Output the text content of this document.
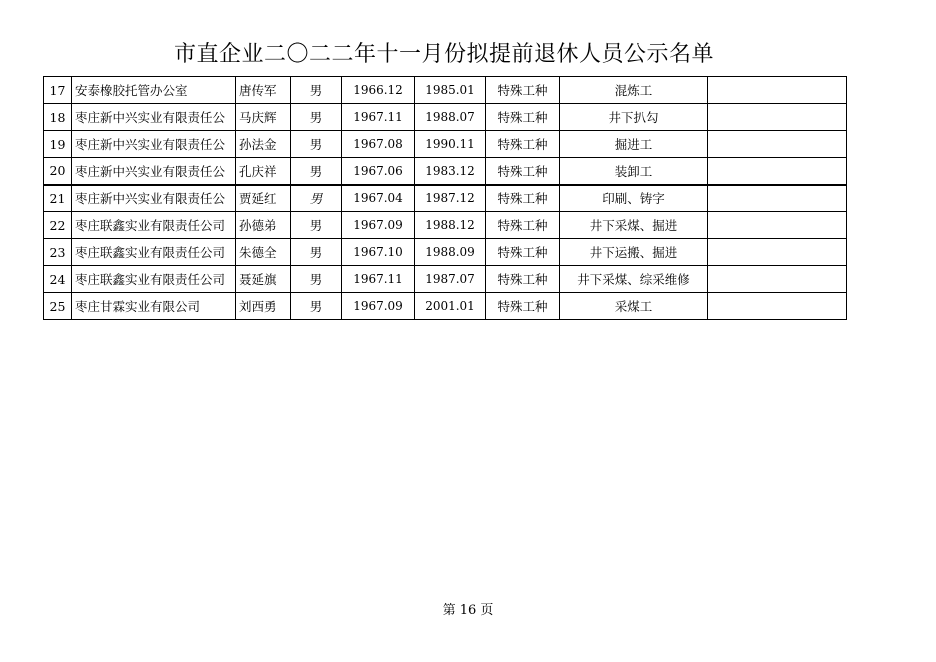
市直企业二〇二二年十一月份拟提前退休人员公示名单
17	安泰橡胶托管办公室	唐传军	男	1966.12	1985.01	特殊工种	混炼工	
18	枣庄新中兴实业有限责任公	马庆辉	男	1967.11	1988.07	特殊工种	井下扒勾	
19	枣庄新中兴实业有限责任公	孙法金	男	1967.08	1990.11	特殊工种	掘进工	
20	枣庄新中兴实业有限责任公	孔庆祥	男	1967.06	1983.12	特殊工种	装卸工	
21	枣庄新中兴实业有限责任公	贾延红	男	1967.04	1987.12	特殊工种	印刷、铸字	
22	枣庄联鑫实业有限责任公司	孙德弟	男	1967.09	1988.12	特殊工种	井下采煤、掘进	
23	枣庄联鑫实业有限责任公司	朱德全	男	1967.10	1988.09	特殊工种	井下运搬、掘进	
24	枣庄联鑫实业有限责任公司	聂延旗	男	1967.11	1987.07	特殊工种	井下采煤、综采维修	
25	枣庄甘霖实业有限公司	刘西勇	男	1967.09	2001.01	特殊工种	采煤工	
第 16 页
